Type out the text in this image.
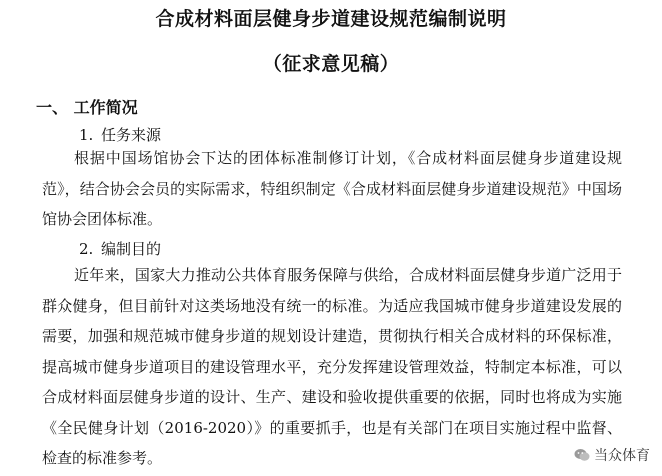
合成材料面层健身步道建设规范编制说明
（征求意见稿）
一、 工作简况
1. 任务来源

根据中国场馆协会下达的团体标准制修订计划，《合成材料面层健身步道建设规范》，结合协会会员的实际需求，特组织制定《合成材料面层健身步道建设规范》中国场馆协会团体标准。

2. 编制目的

近年来，国家大力推动公共体育服务保障与供给，合成材料面层健身步道广泛用于群众健身，但目前针对这类场地没有统一的标准。为适应我国城市健身步道建设发展的需要，加强和规范城市健身步道的规划设计建造，贯彻执行相关合成材料的环保标准，提高城市健身步道项目的建设管理水平，充分发挥建设管理效益，特制定本标准，可以合成材料面层健身步道的设计、生产、建设和验收提供重要的依据，同时也将成为实施《全民健身计划（2016-2020）》的重要抓手，也是有关部门在项目实施过程中监督、检查的标准参考。	当众体育
